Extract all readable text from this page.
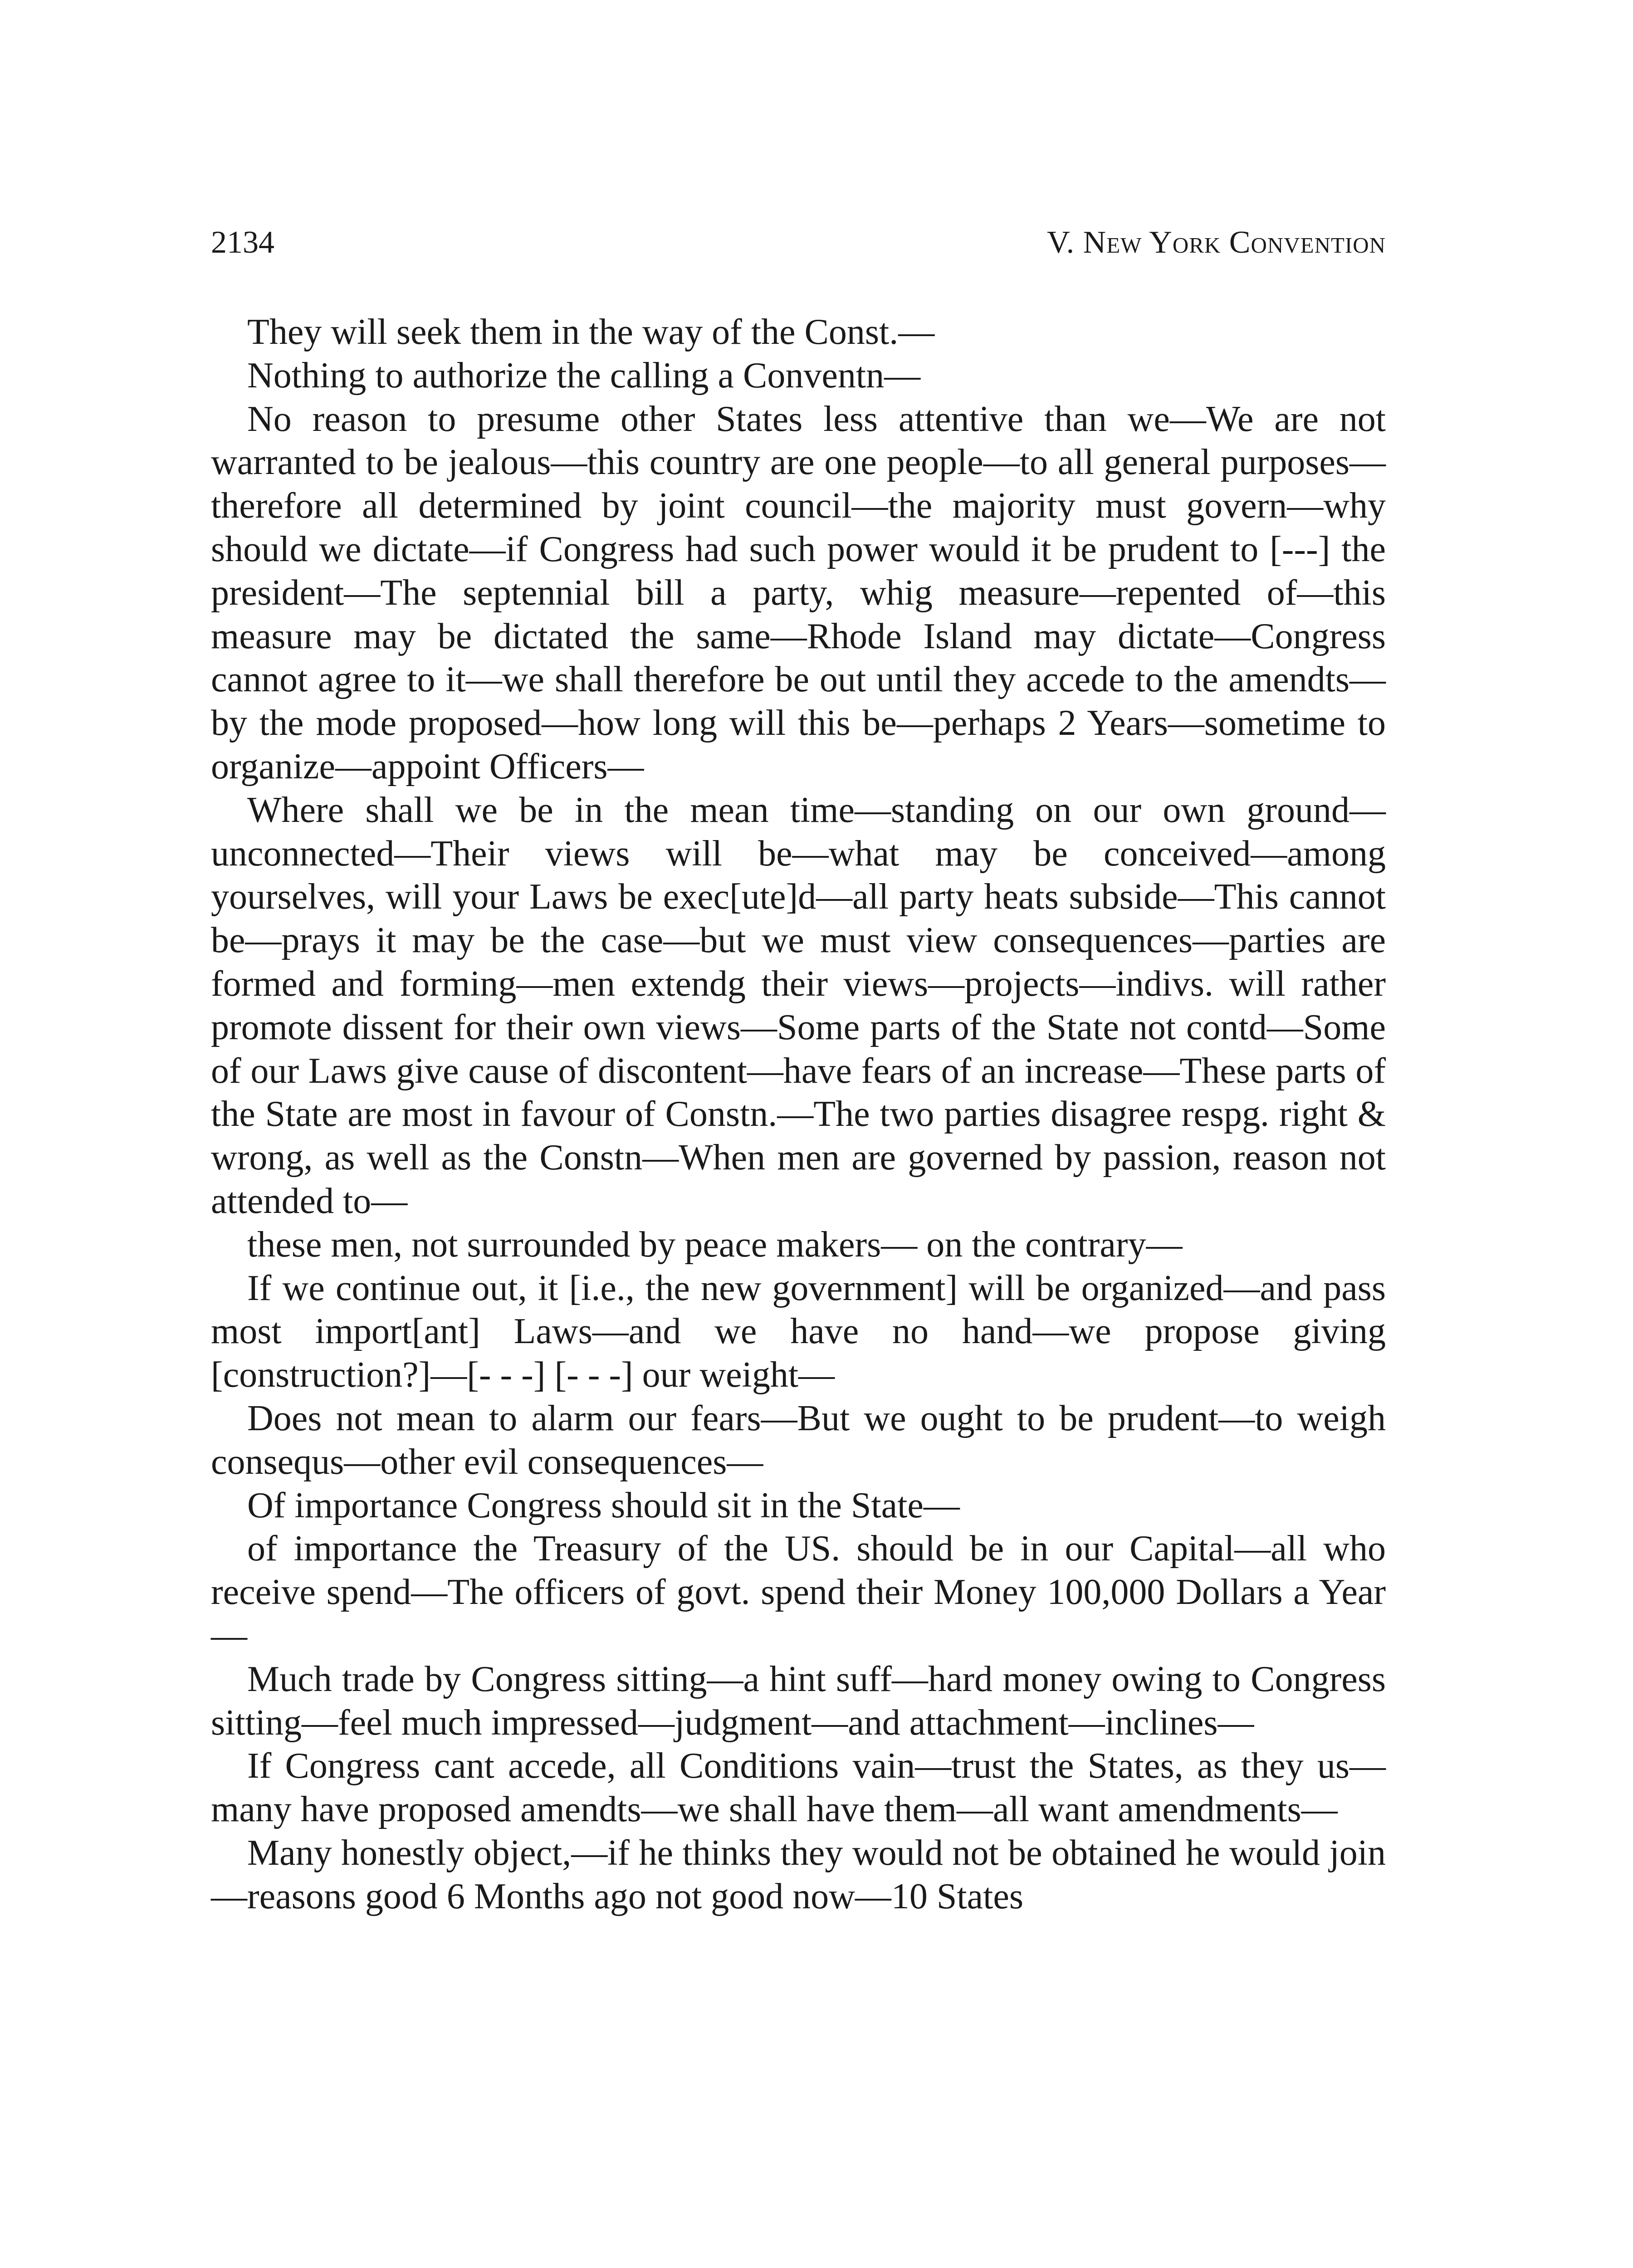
2134	V. New York Convention

They will seek them in the way of the Const.—

Nothing to authorize the calling a Conventn—

No reason to presume other States less attentive than we—We are not warranted to be jealous—this country are one people—to all general purposes—therefore all determined by joint council—the majority must govern—why should we dictate—if Congress had such power would it be prudent to [---] the president—The septennial bill a party, whig measure—repented of—this measure may be dictated the same—Rhode Island may dictate—Congress cannot agree to it—we shall therefore be out until they accede to the amendts—by the mode proposed—how long will this be—perhaps 2 Years—sometime to organize—appoint Officers—

Where shall we be in the mean time—standing on our own ground—unconnected—Their views will be—what may be conceived—among yourselves, will your Laws be exec[ute]d—all party heats subside—This cannot be—prays it may be the case—but we must view consequences—parties are formed and forming—men extendg their views—projects—indivs. will rather promote dissent for their own views—Some parts of the State not contd—Some of our Laws give cause of discontent—have fears of an increase—These parts of the State are most in favour of Constn.—The two parties disagree respg. right & wrong, as well as the Constn—When men are governed by passion, reason not attended to—

these men, not surrounded by peace makers— on the contrary—

If we continue out, it [i.e., the new government] will be organized—and pass most import[ant] Laws—and we have no hand—we propose giving [construction?]—[- - -] [- - -] our weight—

Does not mean to alarm our fears—But we ought to be prudent—to weigh consequs—other evil consequences—

Of importance Congress should sit in the State—

of importance the Treasury of the US. should be in our Capital—all who receive spend—The officers of govt. spend their Money 100,000 Dollars a Year—

Much trade by Congress sitting—a hint suff—hard money owing to Congress sitting—feel much impressed—judgment—and attachment—inclines—

If Congress cant accede, all Conditions vain—trust the States, as they us—many have proposed amendts—we shall have them—all want amendments—

Many honestly object,—if he thinks they would not be obtained he would join—reasons good 6 Months ago not good now—10 States
